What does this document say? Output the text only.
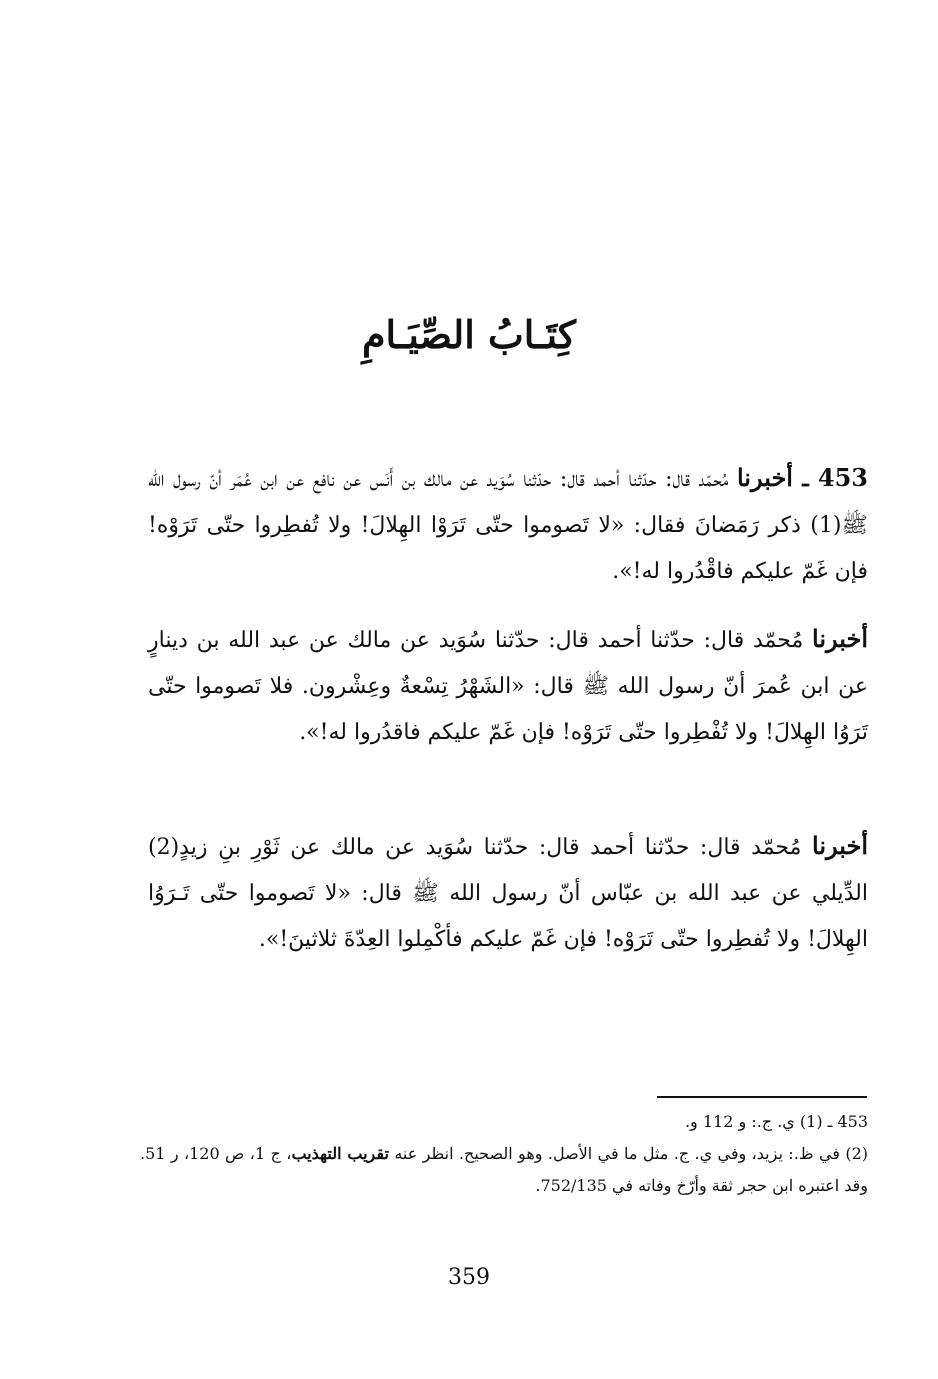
كِتَـابُ الصِّيَـامِ
453 ـ أخبرنا مُحمّد قال: حدّثنا أحمد قال: حدّثنا سُوَيد عن مالك بن أَنَس عن نافع عن ابن عُمَر أنّ رسول الله ﷺ(1) ذكر رَمَضانَ فقال: «لا تَصوموا حتّى تَرَوْا الهِلالَ! ولا تُفطِروا حتّى تَرَوْه! فإن غَمّ عليكم فاقْدُروا له!».
أخبرنا مُحمّد قال: حدّثنا أحمد قال: حدّثنا سُوَيد عن مالك عن عبد الله بن دينارٍ عن ابن عُمرَ أنّ رسول الله ﷺ قال: «الشَهْرُ تِسْعةٌ وعِشْرون. فلا تَصوموا حتّى تَرَوُا الهِلالَ! ولا تُفْطِروا حتّى تَرَوْه! فإن غَمّ عليكم فاقدُروا له!».
أخبرنا مُحمّد قال: حدّثنا أحمد قال: حدّثنا سُوَيد عن مالك عن ثَوْرِ بنِ زيدٍ(2) الدِّيلي عن عبد الله بن عبّاس أنّ رسول الله ﷺ قال: «لا تَصوموا حتّى تَـرَوُا الهِلالَ! ولا تُفطِروا حتّى تَرَوْه! فإن غَمّ عليكم فأكْمِلوا العِدّةَ ثلاثينَ!».
453 ـ (1) ي. ج.: و 112 و.
(2) في ظ.: يزيد، وفي ي. ج. مثل ما في الأصل. وهو الصحيح. انظر عنه تقريب التهذيب، ج 1، ص 120، ر 51. وقد اعتبره ابن حجر ثقة وأرّخ وفاته في 752/135.
359
